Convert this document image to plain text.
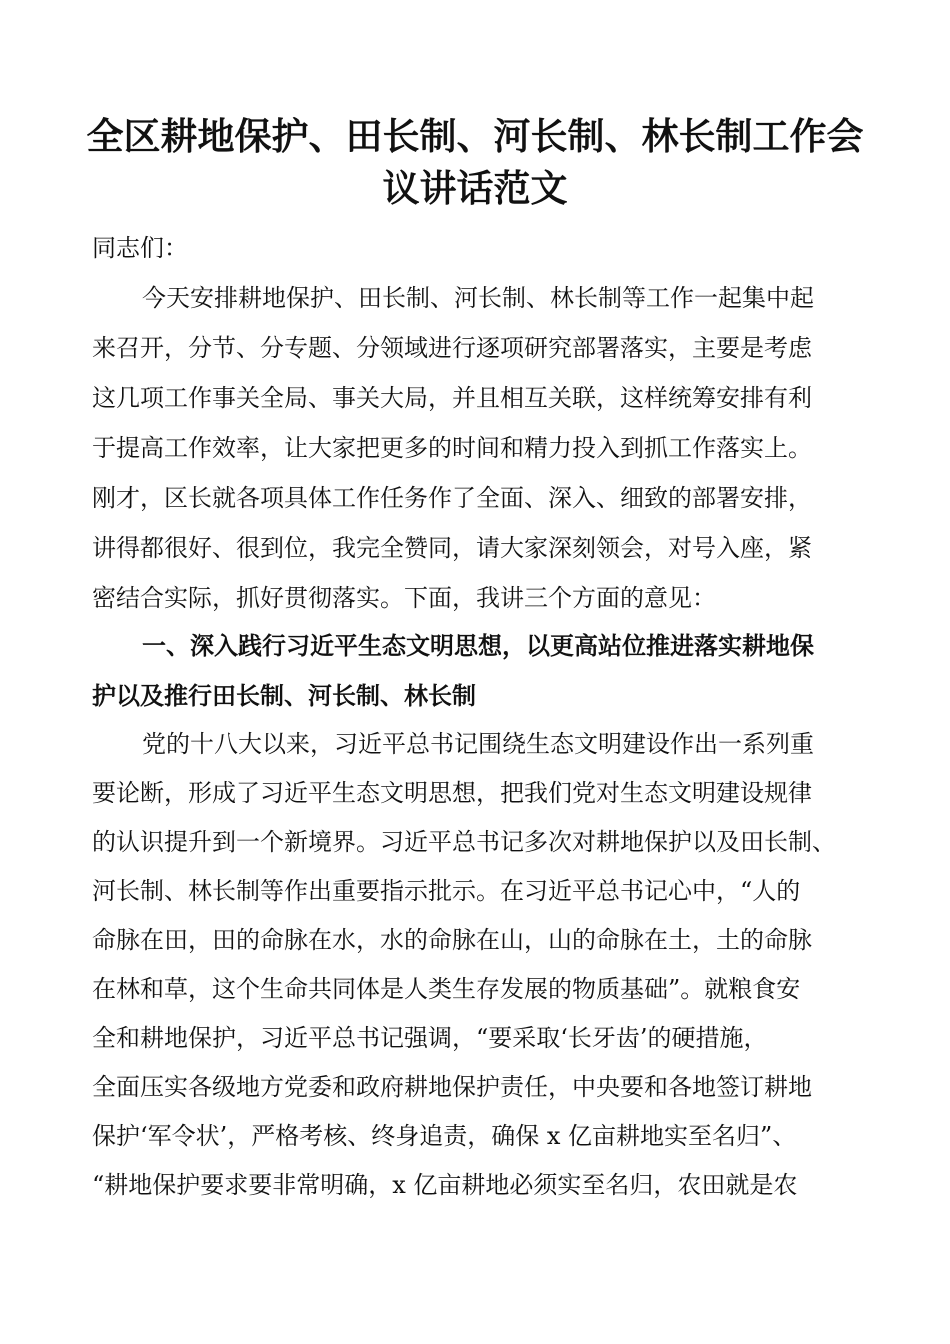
全区耕地保护、田长制、河长制、林长制工作会
议讲话范文

同志们：

今天安排耕地保护、田长制、河长制、林长制等工作一起集中起

来召开，分节、分专题、分领域进行逐项研究部署落实，主要是考虑

这几项工作事关全局、事关大局，并且相互关联，这样统筹安排有利

于提高工作效率，让大家把更多的时间和精力投入到抓工作落实上。

刚才，区长就各项具体工作任务作了全面、深入、细致的部署安排，

讲得都很好、很到位，我完全赞同，请大家深刻领会，对号入座，紧

密结合实际，抓好贯彻落实。下面，我讲三个方面的意见：

一、深入践行习近平生态文明思想，以更高站位推进落实耕地保

护以及推行田长制、河长制、林长制

党的十八大以来，习近平总书记围绕生态文明建设作出一系列重

要论断，形成了习近平生态文明思想，把我们党对生态文明建设规律

的认识提升到一个新境界。习近平总书记多次对耕地保护以及田长制、

河长制、林长制等作出重要指示批示。在习近平总书记心中，“人的

命脉在田，田的命脉在水，水的命脉在山，山的命脉在土，土的命脉

在林和草，这个生命共同体是人类生存发展的物质基础”。就粮食安

全和耕地保护，习近平总书记强调，“要采取‘长牙齿’的硬措施，

全面压实各级地方党委和政府耕地保护责任，中央要和各地签订耕地

保护‘军令状’，严格考核、终身追责，确保 x 亿亩耕地实至名归”、

“耕地保护要求要非常明确，x 亿亩耕地必须实至名归，农田就是农
